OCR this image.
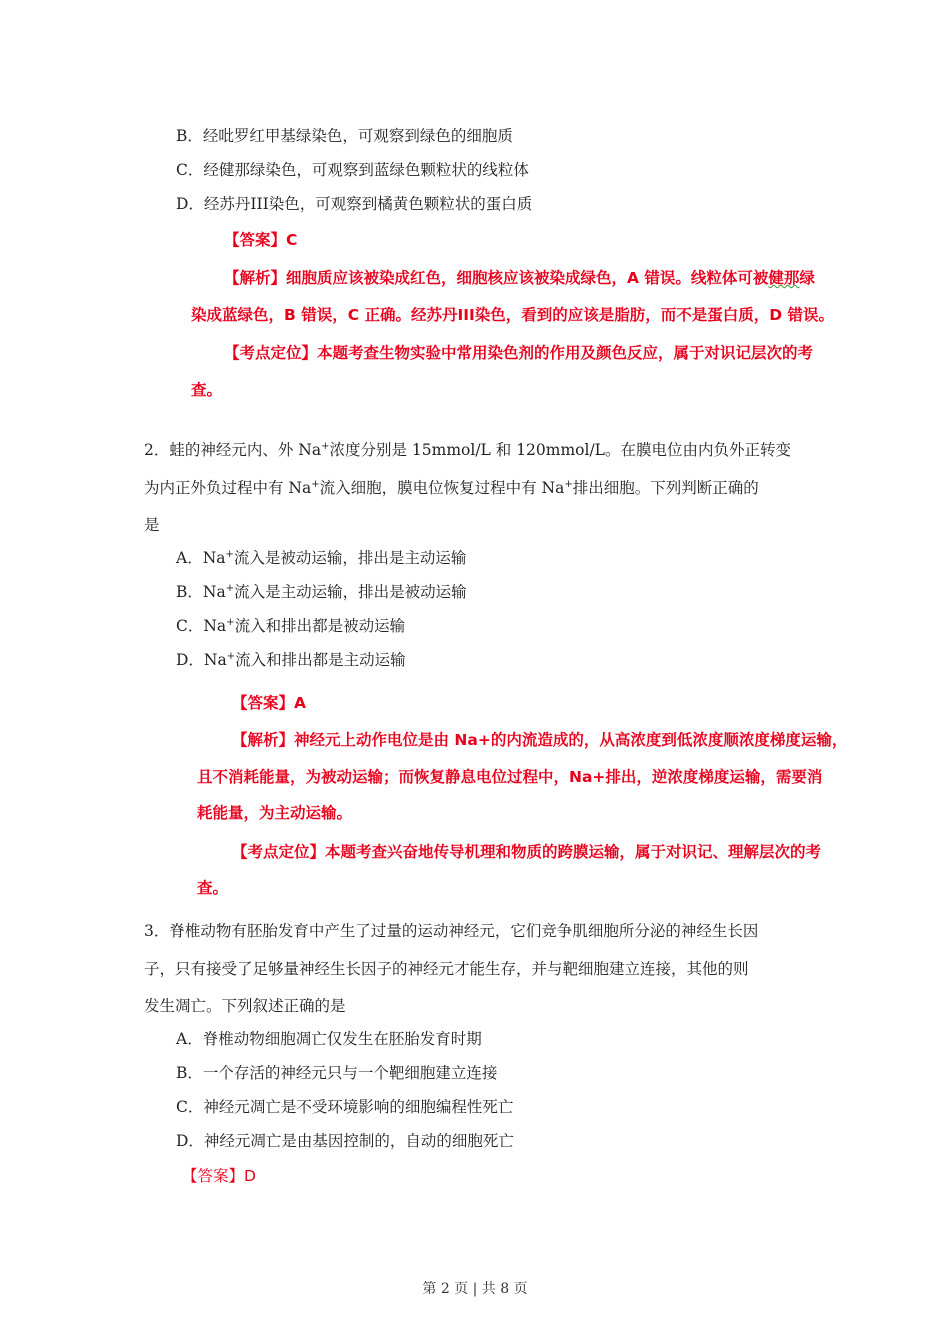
B．经吡罗红甲基绿染色，可观察到绿色的细胞质
C．经健那绿染色，可观察到蓝绿色颗粒状的线粒体
D．经苏丹III染色，可观察到橘黄色颗粒状的蛋白质
【答案】C
【解析】细胞质应该被染成红色，细胞核应该被染成绿色，A 错误。线粒体可被健那绿
染成蓝绿色，B 错误，C 正确。经苏丹III染色，看到的应该是脂肪，而不是蛋白质，D 错误。
【考点定位】本题考查生物实验中常用染色剂的作用及颜色反应，属于对识记层次的考
查。
2．蛙的神经元内、外 Na+浓度分别是 15mmol/L 和 120mmol/L。在膜电位由内负外正转变
为内正外负过程中有 Na+流入细胞，膜电位恢复过程中有 Na+排出细胞。下列判断正确的
是
A．Na+流入是被动运输，排出是主动运输
B．Na+流入是主动运输，排出是被动运输
C．Na+流入和排出都是被动运输
D．Na+流入和排出都是主动运输
【答案】A
【解析】神经元上动作电位是由 Na+的内流造成的，从高浓度到低浓度顺浓度梯度运输，
且不消耗能量，为被动运输；而恢复静息电位过程中，Na+排出，逆浓度梯度运输，需要消
耗能量，为主动运输。
【考点定位】本题考查兴奋地传导机理和物质的跨膜运输，属于对识记、理解层次的考
查。
3．脊椎动物有胚胎发育中产生了过量的运动神经元，它们竞争肌细胞所分泌的神经生长因
子，只有接受了足够量神经生长因子的神经元才能生存，并与靶细胞建立连接，其他的则
发生凋亡。下列叙述正确的是
A．脊椎动物细胞凋亡仅发生在胚胎发育时期
B．一个存活的神经元只与一个靶细胞建立连接
C．神经元凋亡是不受环境影响的细胞编程性死亡
D．神经元凋亡是由基因控制的，自动的细胞死亡
【答案】D
第 2 页 | 共 8 页
